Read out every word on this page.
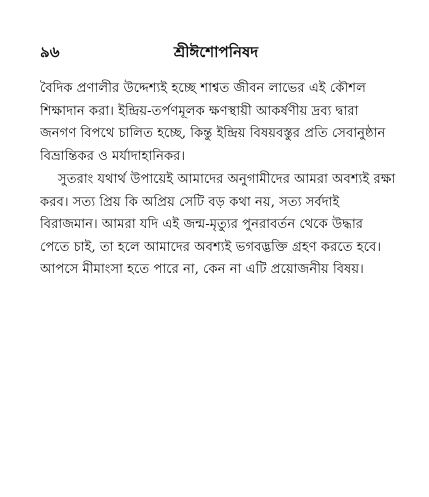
৯৬	শ্রীঈশোপনিষদ

বৈদিক প্রণালীর উদ্দেশ্যই হচ্ছে শাশ্বত জীবন লাভের এই কৌশল
শিক্ষাদান করা। ইন্দ্রিয়-তর্পণমূলক ক্ষণস্থায়ী আকর্ষণীয় দ্রব্য দ্বারা
জনগণ বিপথে চালিত হচ্ছে, কিন্তু ইন্দ্রিয় বিষয়বস্তুর প্রতি সেবানুষ্ঠান
বিভ্রান্তিকর ও মর্যাদাহানিকর।

সুতরাং যথার্থ উপায়েই আমাদের অনুগামীদের আমরা অবশ্যই রক্ষা
করব। সত্য প্রিয় কি অপ্রিয় সেটি বড় কথা নয়, সত্য সর্বদাই
বিরাজমান। আমরা যদি এই জন্ম-মৃত্যুর পুনরাবর্তন থেকে উদ্ধার
পেতে চাই, তা হলে আমাদের অবশ্যই ভগবদ্ভক্তি গ্রহণ করতে হবে।
আপসে মীমাংসা হতে পারে না, কেন না এটি প্রয়োজনীয় বিষয়।
